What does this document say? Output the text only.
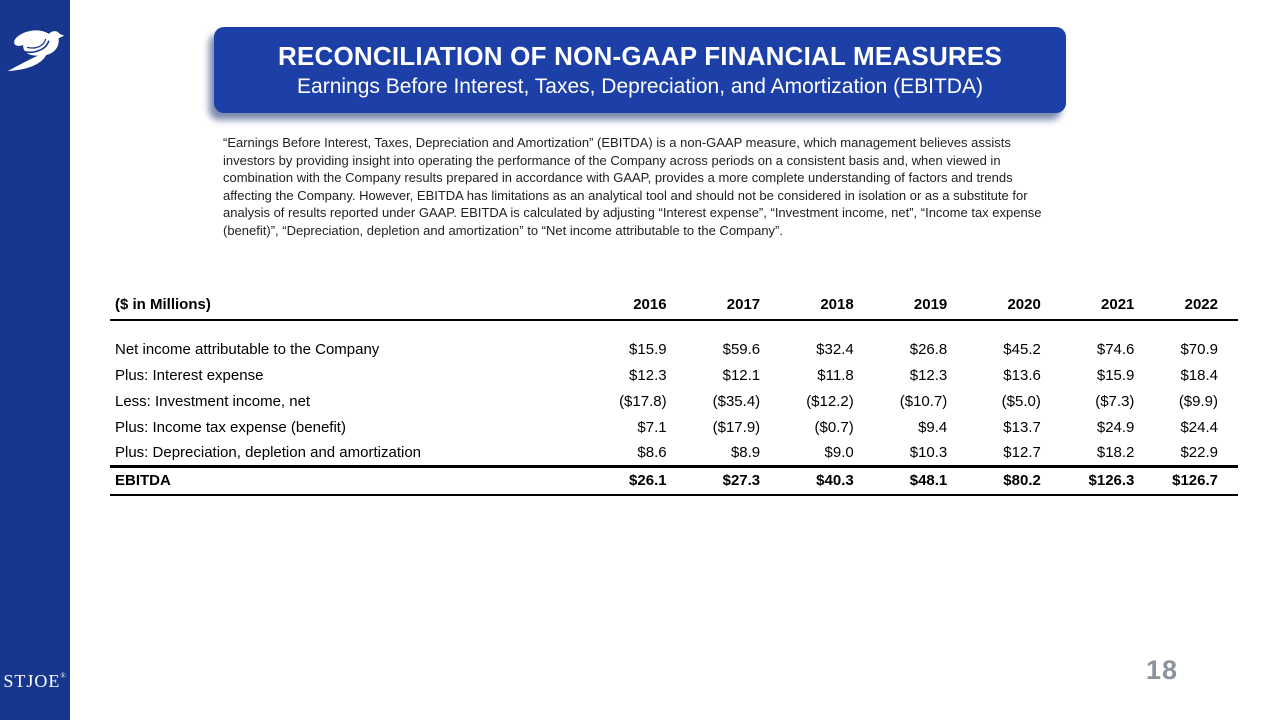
STJOE®
RECONCILIATION OF NON-GAAP FINANCIAL MEASURES
Earnings Before Interest, Taxes, Depreciation, and Amortization (EBITDA)
“Earnings Before Interest, Taxes, Depreciation and Amortization” (EBITDA) is a non-GAAP measure, which management believes assists investors by providing insight into operating the performance of the Company across periods on a consistent basis and, when viewed in combination with the Company results prepared in accordance with GAAP, provides a more complete understanding of factors and trends affecting the Company. However, EBITDA has limitations as an analytical tool and should not be considered in isolation or as a substitute for analysis of results reported under GAAP. EBITDA is calculated by adjusting “Interest expense”, “Investment income, net”, “Income tax expense (benefit)”, “Depreciation, depletion and amortization” to “Net income attributable to the Company”.
($ in Millions)	2016	2017	2018	2019	2020	2021	2022

Net income attributable to the Company	$15.9	$59.6	$32.4	$26.8	$45.2	$74.6	$70.9
Plus: Interest expense	$12.3	$12.1	$11.8	$12.3	$13.6	$15.9	$18.4
Less: Investment income, net	($17.8)	($35.4)	($12.2)	($10.7)	($5.0)	($7.3)	($9.9)
Plus: Income tax expense (benefit)	$7.1	($17.9)	($0.7)	$9.4	$13.7	$24.9	$24.4
Plus: Depreciation, depletion and amortization	$8.6	$8.9	$9.0	$10.3	$12.7	$18.2	$22.9
EBITDA	$26.1	$27.3	$40.3	$48.1	$80.2	$126.3	$126.7
18
